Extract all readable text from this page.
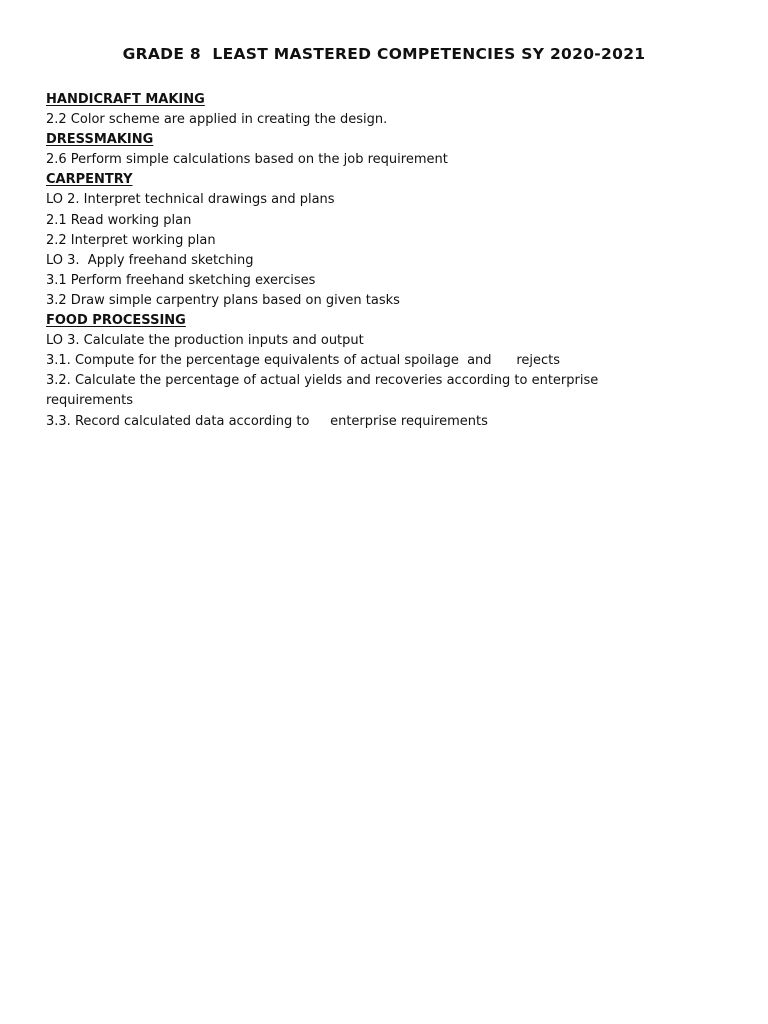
GRADE 8  LEAST MASTERED COMPETENCIES SY 2020-2021
HANDICRAFT MAKING
2.2 Color scheme are applied in creating the design.
DRESSMAKING
2.6 Perform simple calculations based on the job requirement
CARPENTRY
LO 2. Interpret technical drawings and plans
2.1 Read working plan
2.2 Interpret working plan
LO 3.  Apply freehand sketching
3.1 Perform freehand sketching exercises
3.2 Draw simple carpentry plans based on given tasks
FOOD PROCESSING
LO 3. Calculate the production inputs and output
3.1. Compute for the percentage equivalents of actual spoilage  and      rejects
3.2. Calculate the percentage of actual yields and recoveries according to enterprise
requirements
3.3. Record calculated data according to     enterprise requirements
